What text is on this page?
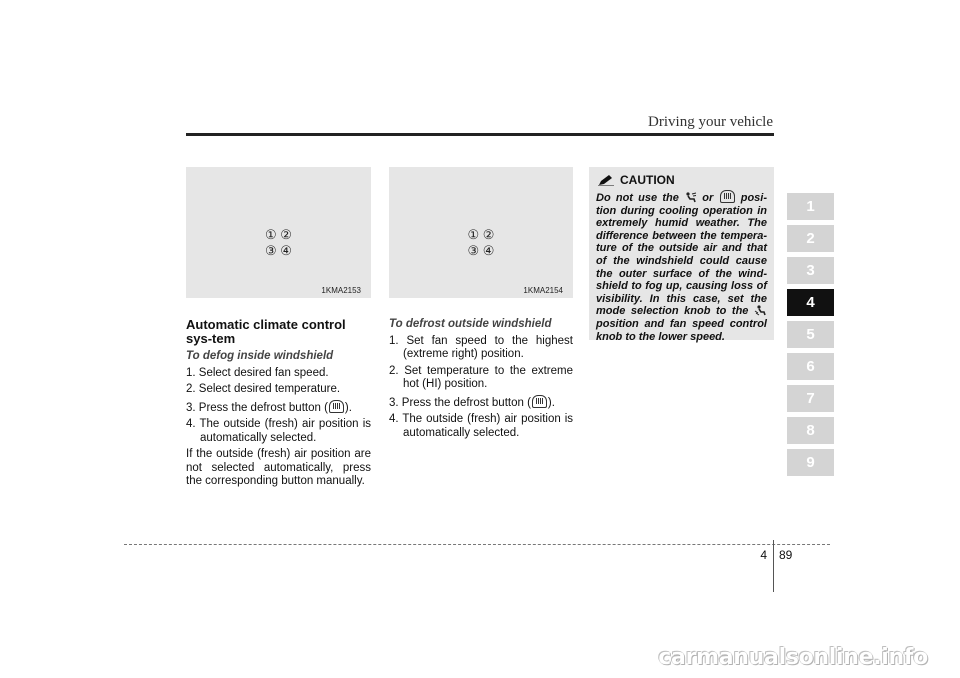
Driving your vehicle
① ②
③ ④
1KMA2153
① ②
③ ④
1KMA2154
Automatic climate control sys-tem
To defog inside windshield
1. Select desired fan speed.
2. Select desired temperature.
3. Press the defrost button ( ).
4. The outside (fresh) air position is automatically selected.
If the outside (fresh) air position are not selected automatically, press the corresponding button manually.
To defrost outside windshield
1. Set fan speed to the highest (extreme right) position.
2. Set temperature to the extreme hot (HI) position.
3. Press the defrost button ( ).
4. The outside (fresh) air position is automatically selected.
CAUTION
Do not use the or posi-tion during cooling operation in extremely humid weather. The difference between the tempera-ture of the outside air and that of the windshield could cause the outer surface of the wind-shield to fog up, causing loss of visibility. In this case, set the mode selection knob to the  position and fan speed control knob to the lower speed.
1
2
3
4
5
6
7
8
9
4 89
carmanualsonline.info
